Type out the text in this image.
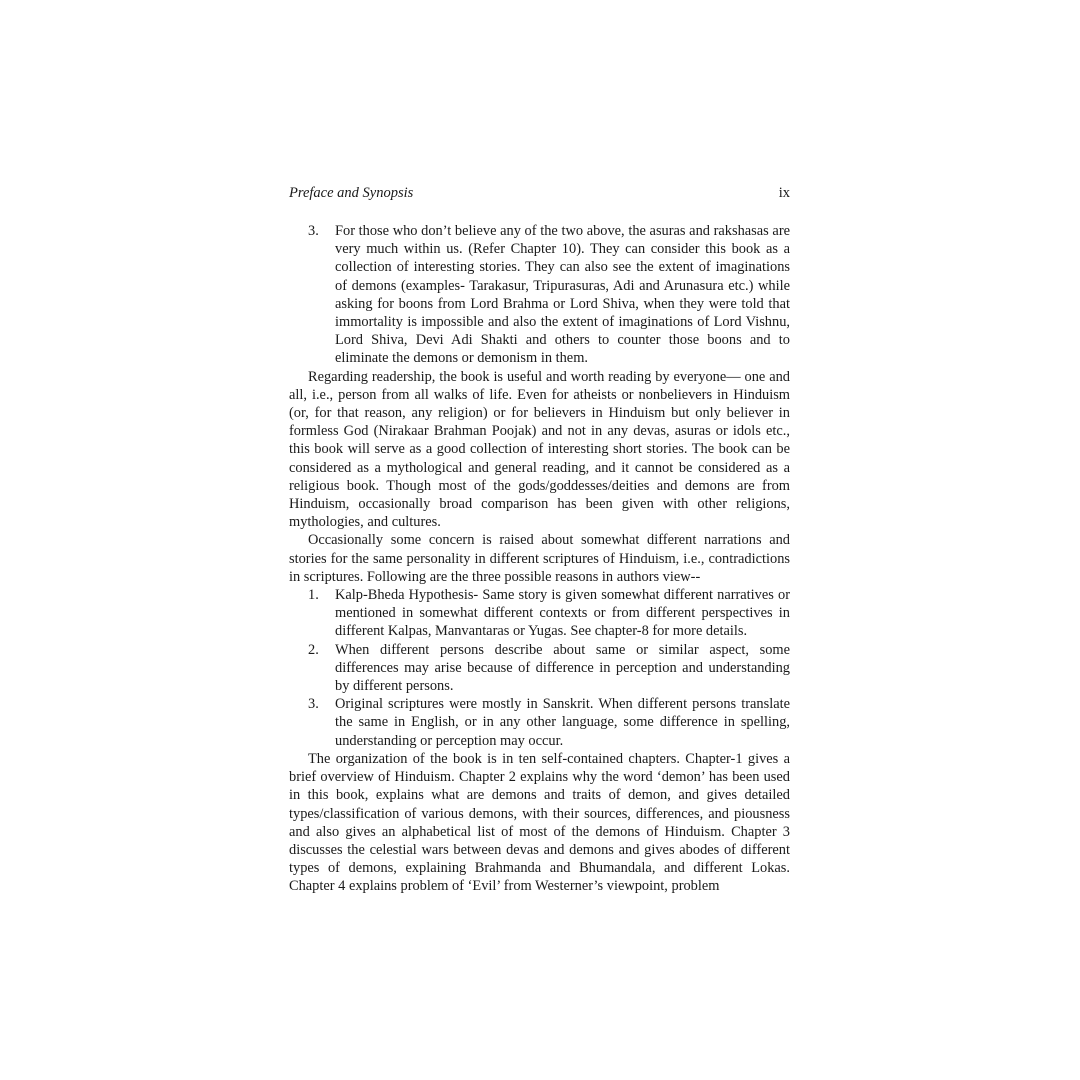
Preface and Synopsis	ix
3.	For those who don’t believe any of the two above, the asuras and rakshasas are very much within us. (Refer Chapter 10). They can consider this book as a collection of interesting stories. They can also see the extent of imaginations of demons (examples- Tarakasur, Tripurasuras, Adi and Arunasura etc.) while asking for boons from Lord Brahma or Lord Shiva, when they were told that immortality is impossible and also the extent of imaginations of Lord Vishnu, Lord Shiva, Devi Adi Shakti and others to counter those boons and to eliminate the demons or demonism in them.

Regarding readership, the book is useful and worth reading by everyone— one and all, i.e., person from all walks of life. Even for atheists or nonbelievers in Hinduism (or, for that reason, any religion) or for believers in Hinduism but only believer in formless God (Nirakaar Brahman Poojak) and not in any devas, asuras or idols etc., this book will serve as a good collection of interesting short stories. The book can be considered as a mythological and general reading, and it cannot be considered as a religious book. Though most of the gods/goddesses/deities and demons are from Hinduism, occasionally broad comparison has been given with other religions, mythologies, and cultures.

Occasionally some concern is raised about somewhat different narrations and stories for the same personality in different scriptures of Hinduism, i.e., contradictions in scriptures. Following are the three possible reasons in authors view--

1.	Kalp-Bheda Hypothesis- Same story is given somewhat different narratives or mentioned in somewhat different contexts or from different perspectives in different Kalpas, Manvantaras or Yugas. See chapter-8 for more details.
2.	When different persons describe about same or similar aspect, some differences may arise because of difference in perception and understanding by different persons.
3.	Original scriptures were mostly in Sanskrit. When different persons translate the same in English, or in any other language, some difference in spelling, understanding or perception may occur.

The organization of the book is in ten self-contained chapters. Chapter-1 gives a brief overview of Hinduism. Chapter 2 explains why the word ‘demon’ has been used in this book, explains what are demons and traits of demon, and gives detailed types/classification of various demons, with their sources, differences, and piousness and also gives an alphabetical list of most of the demons of Hinduism. Chapter 3 discusses the celestial wars between devas and demons and gives abodes of different types of demons, explaining Brahmanda and Bhumandala, and different Lokas. Chapter 4 explains problem of ‘Evil’ from Westerner’s viewpoint, problem
